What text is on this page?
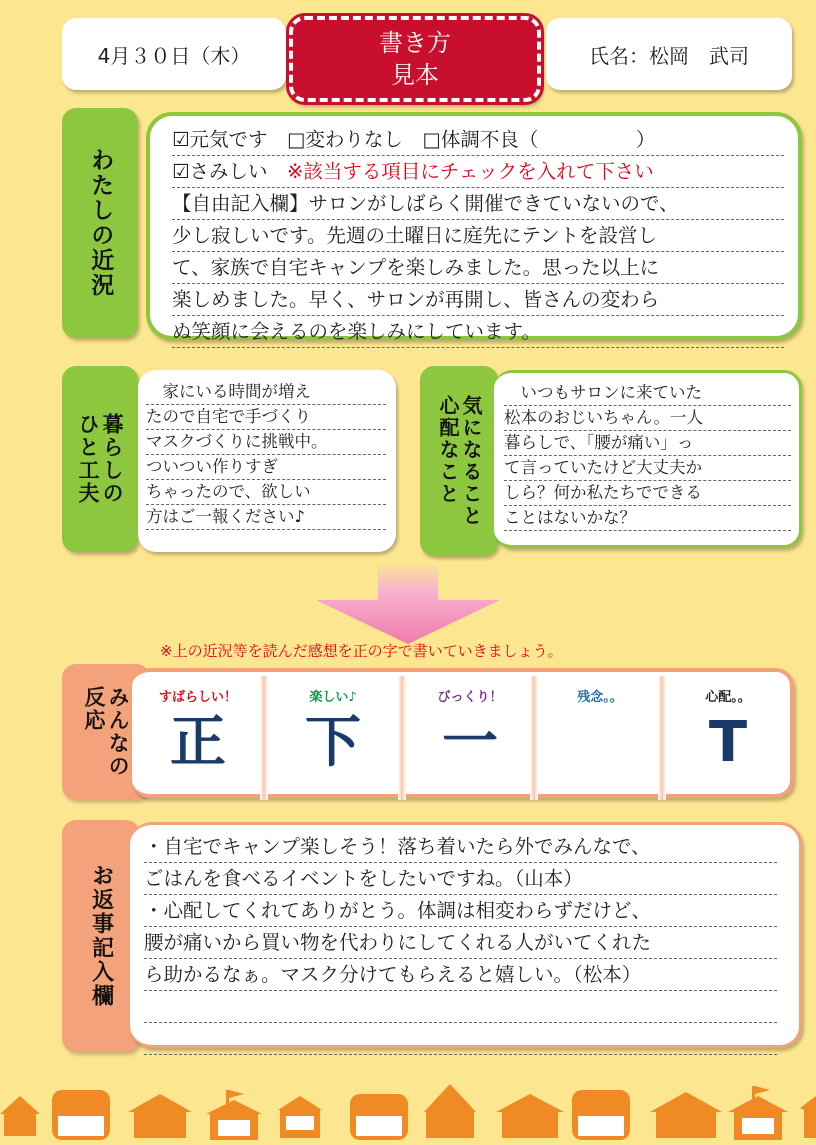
4月３０日（木）	書き方
見本
氏名：松岡　武司
わたしの近況
☑元気です　□変わりなし　□体調不良（　　　　　）
☑さみしい　※該当する項目にチェックを入れて下さい
【自由記入欄】サロンがしばらく開催できていないので、
少し寂しいです。先週の土曜日に庭先にテントを設営し
て、家族で自宅キャンプを楽しみました。思った以上に
楽しめました。早く、サロンが再開し、皆さんの変わら
ぬ笑顔に会えるのを楽しみにしています。
暮らしの
ひと工夫
　家にいる時間が増え
たので自宅で手づくり
マスクづくりに挑戦中。
ついつい作りすぎ
ちゃったので、欲しい
方はご一報ください♪	気になること
心配なこと
　いつもサロンに来ていた
松本のおじいちゃん。一人
暮らしで、「腰が痛い」っ
て言っていたけど大丈夫か
しら？何か私たちでできる
ことはないかな？
※上の近況等を読んだ感想を正の字で書いていきましょう。
みんなの
反応	すばらしい！
正
楽しい♪
下
びっくり！
一
残念。。	心配。。
T
お返事記入欄
・自宅でキャンプ楽しそう！落ち着いたら外でみんなで、
ごはんを食べるイベントをしたいですね。（山本）
・心配してくれてありがとう。体調は相変わらずだけど、
腰が痛いから買い物を代わりにしてくれる人がいてくれた
ら助かるなぁ。マスク分けてもらえると嬉しい。（松本）
